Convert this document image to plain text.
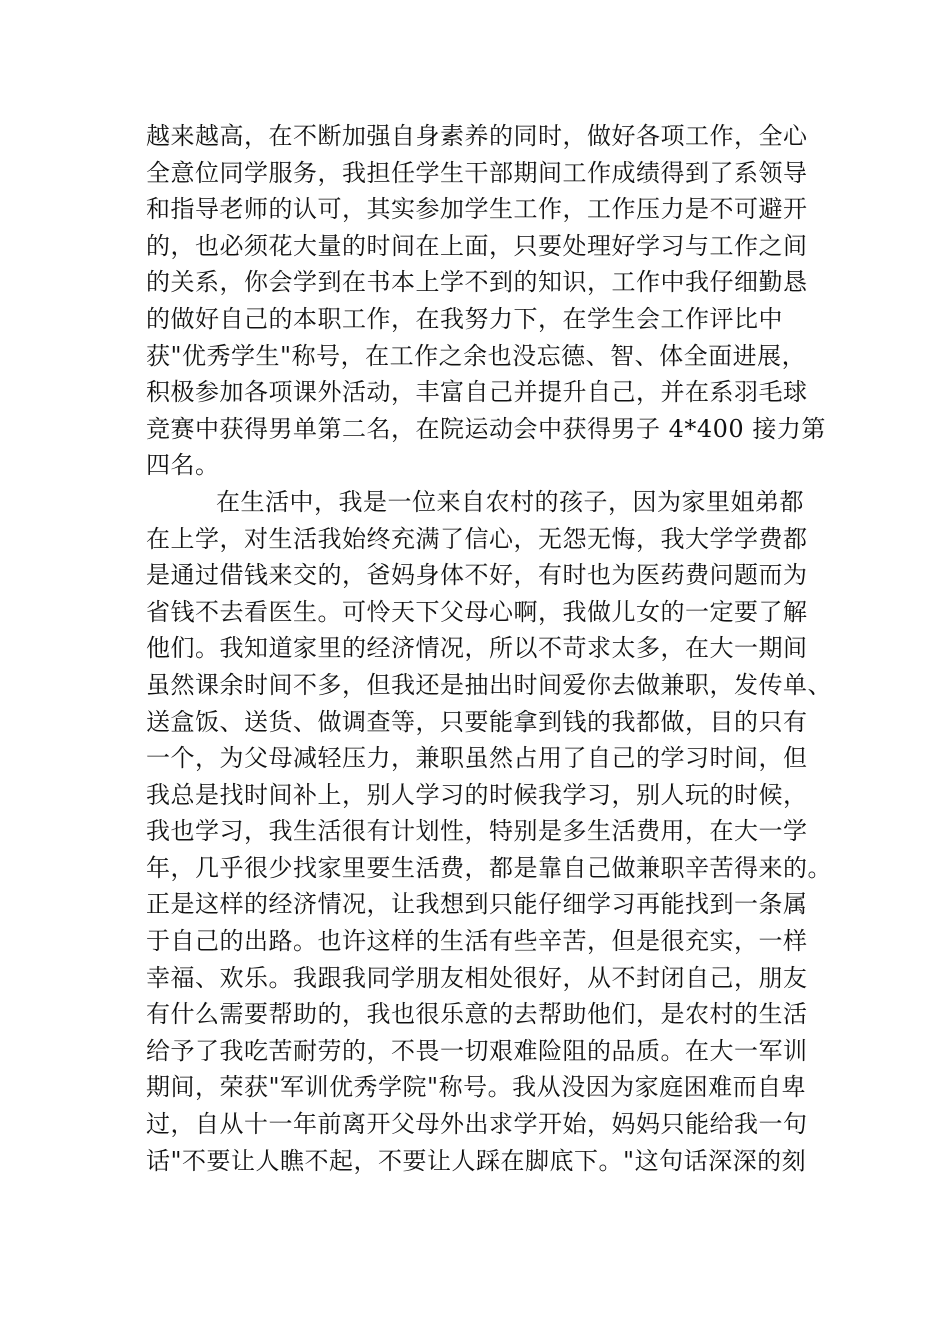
越来越高，在不断加强自身素养的同时，做好各项工作，全心
全意位同学服务，我担任学生干部期间工作成绩得到了系领导
和指导老师的认可，其实参加学生工作，工作压力是不可避开
的，也必须花大量的时间在上面，只要处理好学习与工作之间
的关系，你会学到在书本上学不到的知识，工作中我仔细勤恳
的做好自己的本职工作，在我努力下，在学生会工作评比中
获"优秀学生"称号，在工作之余也没忘德、智、体全面进展，
积极参加各项课外活动，丰富自己并提升自己，并在系羽毛球
竞赛中获得男单第二名，在院运动会中获得男子 4*400 接力第
四名。
在生活中，我是一位来自农村的孩子，因为家里姐弟都
在上学，对生活我始终充满了信心，无怨无悔，我大学学费都
是通过借钱来交的，爸妈身体不好，有时也为医药费问题而为
省钱不去看医生。可怜天下父母心啊，我做儿女的一定要了解
他们。我知道家里的经济情况，所以不苛求太多，在大一期间
虽然课余时间不多，但我还是抽出时间爱你去做兼职，发传单、
送盒饭、送货、做调查等，只要能拿到钱的我都做，目的只有
一个，为父母减轻压力，兼职虽然占用了自己的学习时间，但
我总是找时间补上，别人学习的时候我学习，别人玩的时候，
我也学习，我生活很有计划性，特别是多生活费用，在大一学
年，几乎很少找家里要生活费，都是靠自己做兼职辛苦得来的。
正是这样的经济情况，让我想到只能仔细学习再能找到一条属
于自己的出路。也许这样的生活有些辛苦，但是很充实，一样
幸福、欢乐。我跟我同学朋友相处很好，从不封闭自己，朋友
有什么需要帮助的，我也很乐意的去帮助他们，是农村的生活
给予了我吃苦耐劳的，不畏一切艰难险阻的品质。在大一军训
期间，荣获"军训优秀学院"称号。我从没因为家庭困难而自卑
过，自从十一年前离开父母外出求学开始，妈妈只能给我一句
话"不要让人瞧不起，不要让人踩在脚底下。"这句话深深的刻
